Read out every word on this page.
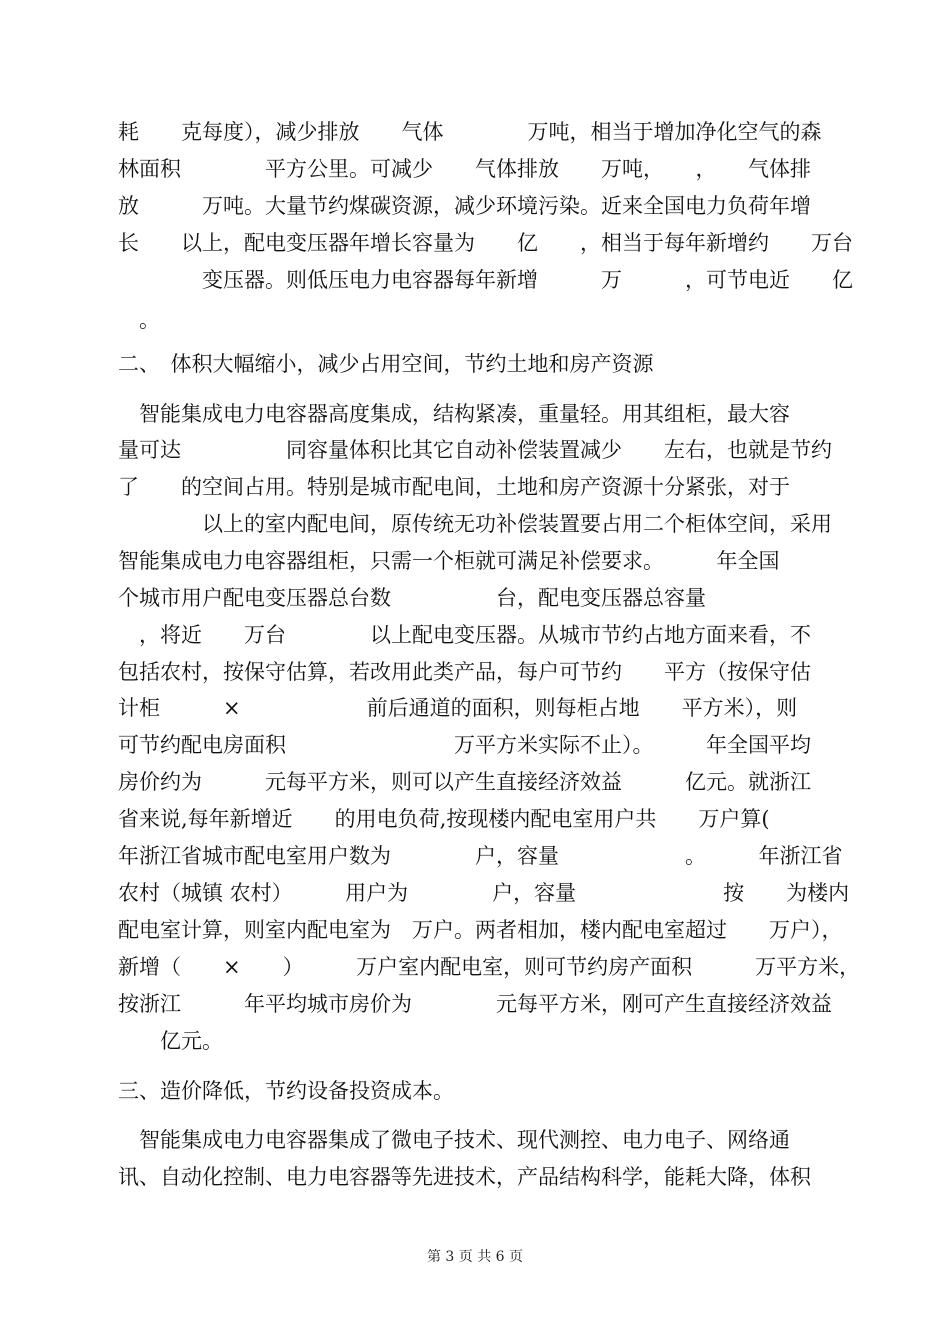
耗　　克每度），减少排放　　气体　　　　万吨，相当于增加净化空气的森

林面积　　　　平方公里。可减少　　气体排放　　万吨，　　，　　气体排

放　　　万吨。大量节约煤碳资源，减少环境污染。近来全国电力负荷年增

长　　以上，配电变压器年增长容量为　　亿　　，相当于每年新增约　　万台

　　　　变压器。则低压电力电容器每年新增　　　万　　　，可节电近　　亿

　。

二、　体积大幅缩小，减少占用空间，节约土地和房产资源

　智能集成电力电容器高度集成，结构紧凑，重量轻。用其组柜，最大容

量可达　　　　　同容量体积比其它自动补偿装置减少　　左右，也就是节约

了　　的空间占用。特别是城市配电间，土地和房产资源十分紧张，对于

　　　　以上的室内配电间，原传统无功补偿装置要占用二个柜体空间，采用

智能集成电力电容器组柜，只需一个柜就可满足补偿要求。　　　年全国

个城市用户配电变压器总台数　　　　　台，配电变压器总容量

　，将近　　万台　　　　以上配电变压器。从城市节约占地方面来看，不

包括农村，按保守估算，若改用此类产品，每户可节约　　平方（按保守估

计柜　　　×　　　　　　前后通道的面积，则每柜占地　　平方米），则

可节约配电房面积　　　　　　　　万平方米实际不止）。　　　年全国平均

房价约为　　　元每平方米，则可以产生直接经济效益　　　亿元。就浙江

省来说,每年新增近　　的用电负荷,按现楼内配电室用户共　　万户算(

年浙江省城市配电室用户数为　　　　户，容量　　　　　　。　　　年浙江省

农村（城镇 农村）　　　用户为　　　　户，容量　　　　　　　按　　为楼内

配电室计算，则室内配电室为　万户。两者相加，楼内配电室超过　　万户），

新增（　　×　　）　　　万户室内配电室，则可节约房产面积　　　万平方米，

按浙江　　　年平均城市房价为　　　　元每平方米，刚可产生直接经济效益

　　亿元。

三、造价降低，节约设备投资成本。

　智能集成电力电容器集成了微电子技术、现代测控、电力电子、网络通

讯、自动化控制、电力电容器等先进技术，产品结构科学，能耗大降，体积

第 3 页 共 6 页
